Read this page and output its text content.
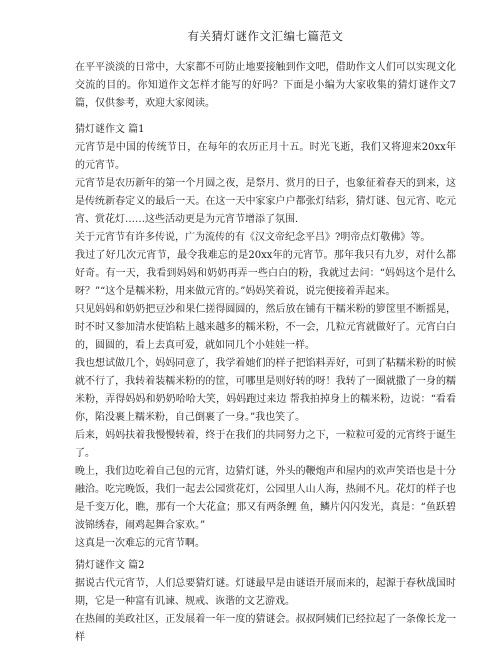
有关猜灯谜作文汇编七篇范文

在平平淡淡的日常中，大家都不可防止地要接触到作文吧，借助作文人们可以实现文化交流的目的。你知道作文怎样才能写的好吗？下面是小编为大家收集的猜灯谜作文7篇，仅供参考，欢迎大家阅读。

猜灯谜作文 篇1

元宵节是中国的传统节日，在每年的农历正月十五。时光飞逝，我们又将迎来20xx年的元宵节。

元宵节是农历新年的第一个月圆之夜，是祭月、赏月的日子，也象征着春天的到来，这是传统新春定义的最后一天。在这一天中家家户户都张灯结彩，猜灯谜、包元宵、吃元宵、赏花灯……这些活动更是为元宵节增添了氛围．

关于元宵节有许多传说，广为流传的有《汉文帝纪念平吕》?明帝点灯敬佛》等。

我过了好几次元宵节，最令我难忘的是20xx年的元宵节。那年我只有九岁，对什么都好奇。有一天，我看到妈妈和奶奶再弄一些白白的粉，我就过去问：“妈妈这个是什么呀？”“这个是糯米粉，用来做元宵的。”妈妈笑着说，说完便接着弄起来。

只见妈妈和奶奶把豆沙和果仁搓得圆圆的，然后放在铺有干糯米粉的箩筐里不断摇晃，时不时又参加清水使馅粘上越来越多的糯米粉，不一会，几粒元宵就做好了。元宵白白的，圆圆的，看上去真可爱，就如同几个小娃娃一样。

我也想试做几个，妈妈同意了，我学着她们的样子把馅料弄好，可到了粘糯米粉的时候就不行了，我转着装糯米粉的的筐，可哪里是则好转的呀！我转了一圈就撒了一身的糯米粉，弄得妈妈和奶奶哈哈大笑，妈妈跑过来边 帮我拍掉身上的糯米粉，边说：“看看你，陷没裹上糯米粉，自己倒裹了一身。”我也笑了。

后来，妈妈扶着我慢慢转着，终于在我们的共同努力之下，一粒粒可爱的元宵终于诞生了。

晚上，我们边吃着自己包的元宵，边猜灯谜，外头的鞭炮声和屋内的欢声笑语也是十分融洽。吃完晚饭，我们一起去公园赏花灯，公园里人山人海，热闹不凡。花灯的样子也是千变万化，瞧，那有一个大花盒；那又有两条鲤 鱼，鳞片闪闪发光，真是：“鱼跃碧波锦绣春，闹鸡起舞合家欢。”

这真是一次难忘的元宵节啊。

猜灯谜作文 篇2

据说古代元宵节，人们总要猜灯谜。灯谜最早是由谜语开展而来的，起源于春秋战国时期，它是一种富有讥谏、规戒、诙谐的文艺游戏。

在热闹的美政社区，正发展着一年一度的猜谜会。叔叔阿姨们已经拉起了一条像长龙一样
